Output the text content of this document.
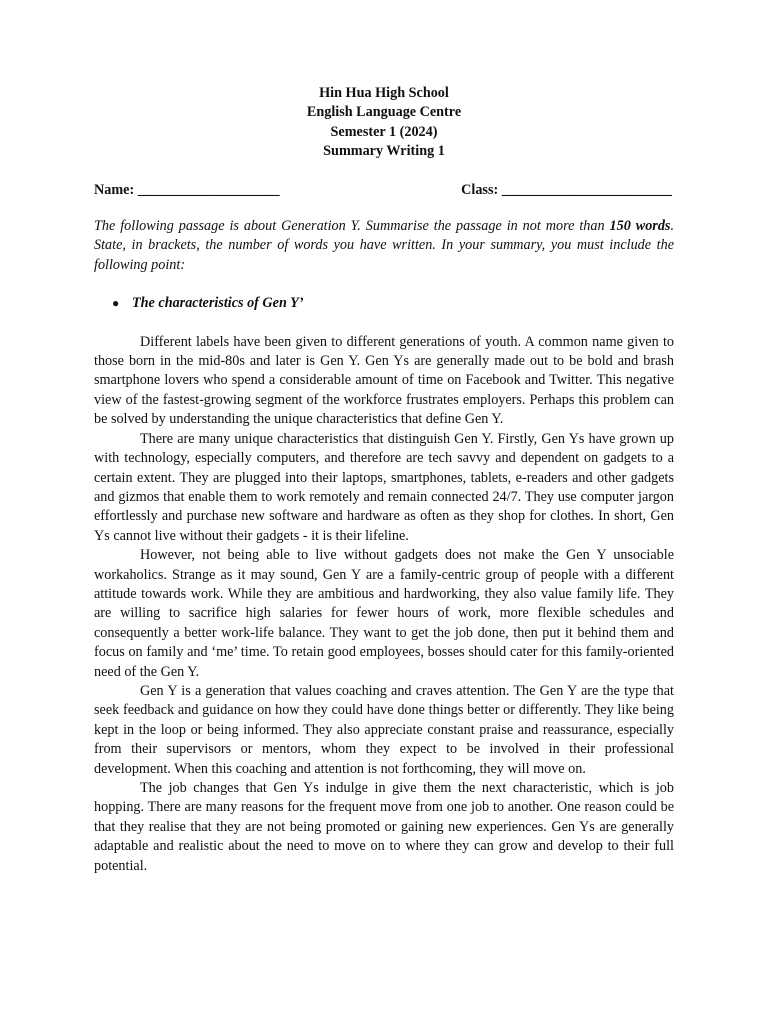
Hin Hua High School
English Language Centre
Semester 1 (2024)
Summary Writing 1
Name: ____________________	Class: ________________________
The following passage is about Generation Y. Summarise the passage in not more than 150 words. State, in brackets, the number of words you have written. In your summary, you must include the following point:
● The characteristics of Gen Y’

Different labels have been given to different generations of youth. A common name given to those born in the mid-80s and later is Gen Y. Gen Ys are generally made out to be bold and brash smartphone lovers who spend a considerable amount of time on Facebook and Twitter. This negative view of the fastest-growing segment of the workforce frustrates employers. Perhaps this problem can be solved by understanding the unique characteristics that define Gen Y.

There are many unique characteristics that distinguish Gen Y. Firstly, Gen Ys have grown up with technology, especially computers, and therefore are tech savvy and dependent on gadgets to a certain extent. They are plugged into their laptops, smartphones, tablets, e-readers and other gadgets and gizmos that enable them to work remotely and remain connected 24/7. They use computer jargon effortlessly and purchase new software and hardware as often as they shop for clothes. In short, Gen Ys cannot live without their gadgets - it is their lifeline.

However, not being able to live without gadgets does not make the Gen Y unsociable workaholics. Strange as it may sound, Gen Y are a family-centric group of people with a different attitude towards work. While they are ambitious and hardworking, they also value family life. They are willing to sacrifice high salaries for fewer hours of work, more flexible schedules and consequently a better work-life balance. They want to get the job done, then put it behind them and focus on family and ‘me’ time. To retain good employees, bosses should cater for this family-oriented need of the Gen Y.

Gen Y is a generation that values coaching and craves attention. The Gen Y are the type that seek feedback and guidance on how they could have done things better or differently. They like being kept in the loop or being informed. They also appreciate constant praise and reassurance, especially from their supervisors or mentors, whom they expect to be involved in their professional development. When this coaching and attention is not forthcoming, they will move on.

The job changes that Gen Ys indulge in give them the next characteristic, which is job hopping. There are many reasons for the frequent move from one job to another. One reason could be that they realise that they are not being promoted or gaining new experiences. Gen Ys are generally adaptable and realistic about the need to move on to where they can grow and develop to their full potential.
